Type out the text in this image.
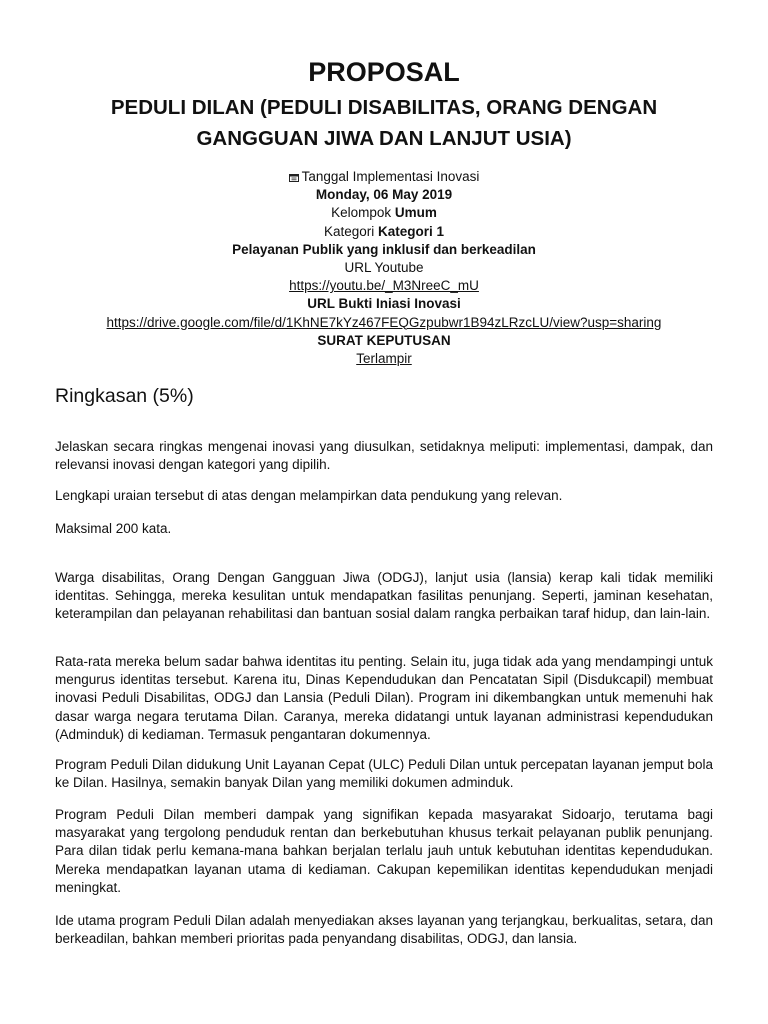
PROPOSAL
PEDULI DILAN (PEDULI DISABILITAS, ORANG DENGAN
GANGGUAN JIWA DAN LANJUT USIA)
Tanggal Implementasi Inovasi
Monday, 06 May 2019
Kelompok Umum
Kategori Kategori 1
Pelayanan Publik yang inklusif dan berkeadilan
URL Youtube
https://youtu.be/_M3NreeC_mU
URL Bukti Iniasi Inovasi
https://drive.google.com/file/d/1KhNE7kYz467FEQGzpubwr1B94zLRzcLU/view?usp=sharing
SURAT KEPUTUSAN
Terlampir
Ringkasan (5%)

Jelaskan secara ringkas mengenai inovasi yang diusulkan, setidaknya meliputi: implementasi, dampak, dan relevansi inovasi dengan kategori yang dipilih.

Lengkapi uraian tersebut di atas dengan melampirkan data pendukung yang relevan.

Maksimal 200 kata.

Warga disabilitas, Orang Dengan Gangguan Jiwa (ODGJ), lanjut usia (lansia) kerap kali tidak memiliki identitas. Sehingga, mereka kesulitan untuk mendapatkan fasilitas penunjang. Seperti, jaminan kesehatan, keterampilan dan pelayanan rehabilitasi dan bantuan sosial dalam rangka perbaikan taraf hidup, dan lain-lain.

Rata-rata mereka belum sadar bahwa identitas itu penting. Selain itu, juga tidak ada yang mendampingi untuk mengurus identitas tersebut. Karena itu, Dinas Kependudukan dan Pencatatan Sipil (Disdukcapil) membuat inovasi Peduli Disabilitas, ODGJ dan Lansia (Peduli Dilan). Program ini dikembangkan untuk memenuhi hak dasar warga negara terutama Dilan. Caranya, mereka didatangi untuk layanan administrasi kependudukan (Adminduk) di kediaman. Termasuk pengantaran dokumennya.

Program Peduli Dilan didukung Unit Layanan Cepat (ULC) Peduli Dilan untuk percepatan layanan jemput bola ke Dilan. Hasilnya, semakin banyak Dilan yang memiliki dokumen adminduk.

Program Peduli Dilan memberi dampak yang signifikan kepada masyarakat Sidoarjo, terutama bagi masyarakat yang tergolong penduduk rentan dan berkebutuhan khusus terkait pelayanan publik penunjang. Para dilan tidak perlu kemana-mana bahkan berjalan terlalu jauh untuk kebutuhan identitas kependudukan. Mereka mendapatkan layanan utama di kediaman. Cakupan kepemilikan identitas kependudukan menjadi meningkat.

Ide utama program Peduli Dilan adalah menyediakan akses layanan yang terjangkau, berkualitas, setara, dan berkeadilan, bahkan memberi prioritas pada penyandang disabilitas, ODGJ, dan lansia.
